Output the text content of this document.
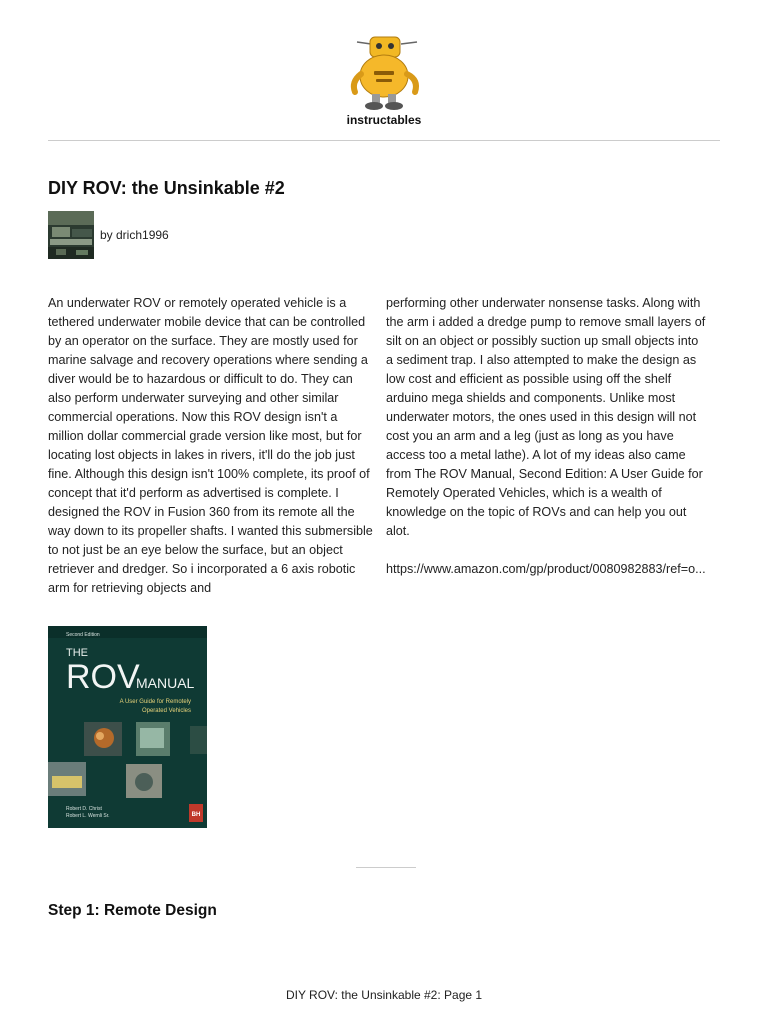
instructables
DIY ROV: the Unsinkable #2
by drich1996

An underwater ROV or remotely operated vehicle is a tethered underwater mobile device that can be controlled by an operator on the surface. They are mostly used for marine salvage and recovery operations where sending a diver would be to hazardous or difficult to do. They can also perform underwater surveying and other similar commercial operations. Now this ROV design isn't a million dollar commercial grade version like most, but for locating lost objects in lakes in rivers, it'll do the job just fine. Although this design isn't 100% complete, its proof of concept that it'd perform as advertised is complete. I designed the ROV in Fusion 360 from its remote all the way down to its propeller shafts. I wanted this submersible to not just be an eye below the surface, but an object retriever and dredger. So i incorporated a 6 axis robotic arm for retrieving objects and

performing other underwater nonsense tasks. Along with the arm i added a dredge pump to remove small layers of silt on an object or possibly suction up small objects into a sediment trap. I also attempted to make the design as low cost and efficient as possible using off the shelf arduino mega shields and components. Unlike most underwater motors, the ones used in this design will not cost you an arm and a leg (just as long as you have access too a metal lathe). A lot of my ideas also came from The ROV Manual, Second Edition: A User Guide for Remotely Operated Vehicles, which is a wealth of knowledge on the topic of ROVs and can help you out alot.

https://www.amazon.com/gp/product/0080982883/ref=o...

Second Edition
THE
ROV
MANUAL
A User Guide for Remotely
Operated Vehicles
Robert D. Christ
Robert L. Wernli Sr.	BH
Step 1: Remote Design
DIY ROV: the Unsinkable #2: Page 1
